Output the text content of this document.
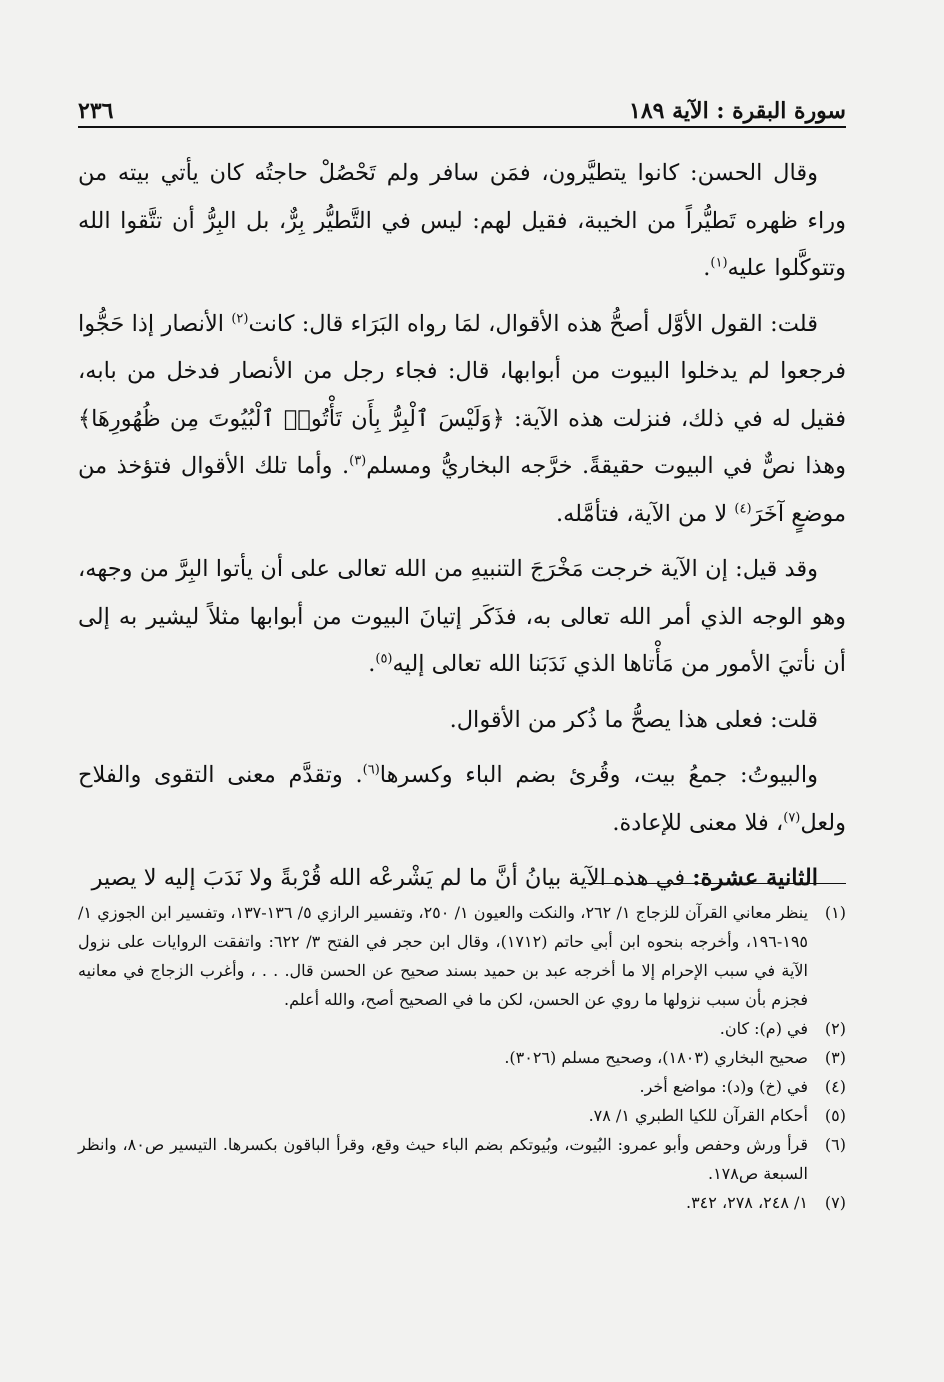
سورة البقرة : الآية ١٨٩
٢٣٦

وقال الحسن: كانوا يتطيَّرون، فمَن سافر ولم تَحْصُلْ حاجتُه كان يأتي بيته من وراء ظهره تَطيُّراً من الخيبة، فقيل لهم: ليس في التَّطيُّر بِرٌّ، بل البِرُّ أن تتَّقوا الله وتتوكَّلوا عليه$^{(١)}$.

قلت: القول الأوَّل أصحُّ هذه الأقوال، لمَا رواه البَرَاء قال: كانت$^{(٢)}$ الأنصار إذا حَجُّوا فرجعوا لم يدخلوا البيوت من أبوابها، قال: فجاء رجل من الأنصار فدخل من بابه، فقيل له في ذلك، فنزلت هذه الآية: ﴿وَلَيْسَ ٱلْبِرُّ بِأَن تَأْتُوا۟ ٱلْبُيُوتَ مِن ظُهُورِهَا﴾ وهذا نصٌّ في البيوت حقيقةً. خرَّجه البخاريُّ ومسلم$^{(٣)}$. وأما تلك الأقوال فتؤخذ من موضعٍ آخَرَ$^{(٤)}$ لا من الآية، فتأمَّله.

وقد قيل: إن الآية خرجت مَخْرَجَ التنبيهِ من الله تعالى على أن يأتوا البِرَّ من وجهه، وهو الوجه الذي أمر الله تعالى به، فذَكَر إتيانَ البيوت من أبوابها مثلاً ليشير به إلى أن نأتيَ الأمور من مَأْتاها الذي نَدَبَنا الله تعالى إليه$^{(٥)}$.

قلت: فعلى هذا يصحُّ ما ذُكر من الأقوال.

والبيوتُ: جمعُ بيت، وقُرئ بضم الباء وكسرها$^{(٦)}$. وتقدَّم معنى التقوى والفلاح ولعل$^{(٧)}$، فلا معنى للإعادة.

الثانية عشرة: في هذه الآية بيانُ أنَّ ما لم يَشْرعْه الله قُرْبةً ولا نَدَبَ إليه لا يصير

(١)
ينظر معاني القرآن للزجاج ١/ ٢٦٢، والنكت والعيون ١/ ٢٥٠، وتفسير الرازي ٥/ ١٣٦-١٣٧، وتفسير ابن الجوزي ١/ ١٩٥-١٩٦، وأخرجه بنحوه ابن أبي حاتم (١٧١٢)، وقال ابن حجر في الفتح ٣/ ٦٢٢: واتفقت الروايات على نزول الآية في سبب الإحرام إلا ما أخرجه عبد بن حميد بسند صحيح عن الحسن قال. . . ، وأغرب الزجاج في معانيه فجزم بأن سبب نزولها ما روي عن الحسن، لكن ما في الصحيح أصح، والله أعلم.
(٢)
في (م): كان.
(٣)
صحيح البخاري (١٨٠٣)، وصحيح مسلم (٣٠٢٦).
(٤)
في (خ) و(د): مواضع أخر.
(٥)
أحكام القرآن للكيا الطبري ١/ ٧٨.
(٦)
قرأ ورش وحفص وأبو عمرو: البُيوت، وبُيوتكم بضم الباء حيث وقع، وقرأ الباقون بكسرها. التيسير ص٨٠، وانظر السبعة ص١٧٨.
(٧)
١/ ٢٤٨، ٢٧٨، ٣٤٢.
